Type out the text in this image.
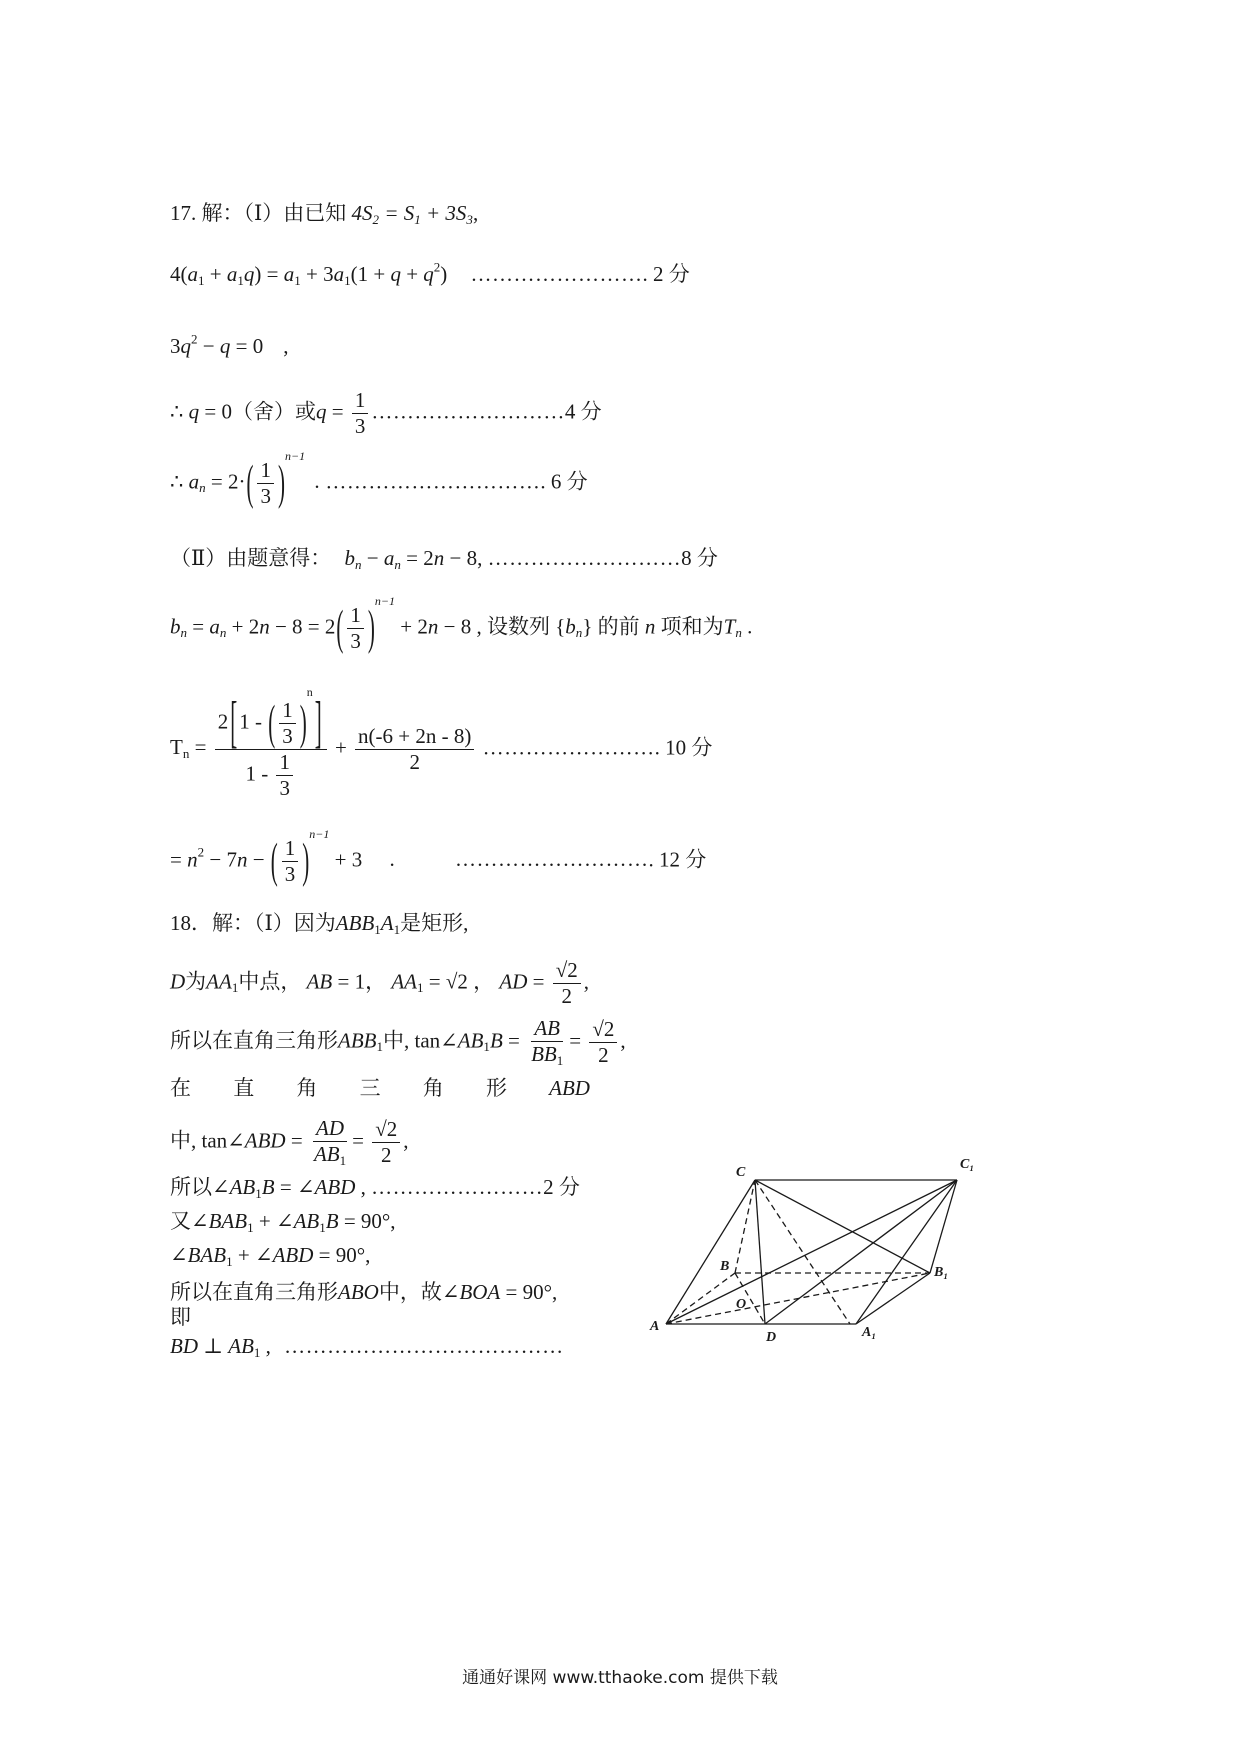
17. 解：（Ⅰ）由已知 $4S_2 = S_1 + 3S_3$,
$4(a_1 + a_1q) = a_1 + 3a_1(1 + q + q^2)$ ……………………. 2 分
$3q^2 - q = 0$ ,
∴ q = 0（舍）或$q = \frac{1}{3}$ ………………………4 分
∴ $a_n = 2\cdot( \frac{1}{3} )^{n-1}$ . …………………………. 6 分
（Ⅱ）由题意得： $b_n - a_n = 2n - 8$, ………………………8 分
$b_n = a_n + 2n - 8 = 2( \frac{1}{3} )^{n-1} + 2n - 8$ , 设数列 $\{b_n\}$ 的前 n 项和为$T_n$ .
$T_n = \frac{2[1 - ( \frac{1}{3} )^n]}{1 - \frac{1}{3}} + \frac{n(-6 + 2n - 8)}{2}$ ……………………. 10 分
= $n^2 - 7n$ − ( $\frac{1}{3} )^{n-1} + 3$ .	………………………. 12 分
18．解：（Ⅰ）因为$ABB_1A_1$是矩形,
D为$AA_1$中点， AB = 1， $AA_1 = √2$ ， AD = $\frac{√2}{2}$ ,
所以在直角三角形$ABB_1$中, $\tan\angle AB_1B = \frac{AB}{BB_1} = \frac{√2}{2}$ ,
在 直 角 三 角 形 ABD
中, tan∠ABD = $\frac{AD}{AB_1} = \frac{√2}{2}$ ,
所以$\angle AB_1B$ = ∠ABD , ……………………2 分
又$\angle BAB_1$ + $\angle AB_1B = 90^\circ$,
$\angle BAB_1$ + ∠ABD = 90°,
所以在直角三角形ABO中，故∠BOA = 90°,
即
BD ⊥ $AB_1$ , …………………………………
C
C₁
B	B₁
O
A
D	A₁
通通好课网 www.tthaoke.com 提供下载
